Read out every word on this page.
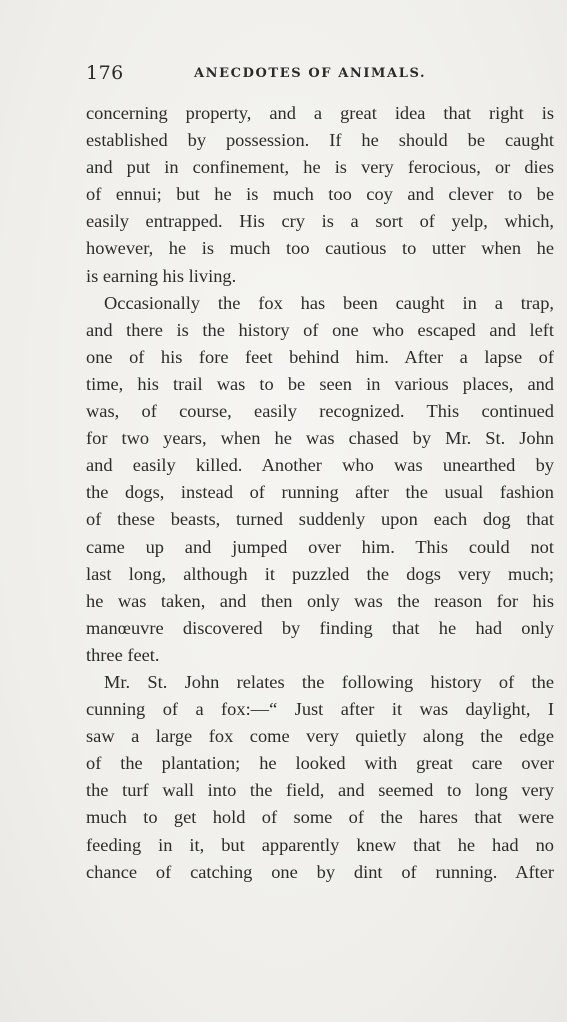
176	ANECDOTES OF ANIMALS.

concerning property, and a great idea that right is
established by possession. If he should be caught
and put in confinement, he is very ferocious, or dies
of ennui; but he is much too coy and clever to be
easily entrapped. His cry is a sort of yelp, which,
however, he is much too cautious to utter when he
is earning his living.

Occasionally the fox has been caught in a trap,
and there is the history of one who escaped and left
one of his fore feet behind him. After a lapse of
time, his trail was to be seen in various places, and
was, of course, easily recognized. This continued
for two years, when he was chased by Mr. St. John
and easily killed. Another who was unearthed by
the dogs, instead of running after the usual fashion
of these beasts, turned suddenly upon each dog that
came up and jumped over him. This could not
last long, although it puzzled the dogs very much;
he was taken, and then only was the reason for his
manœuvre discovered by finding that he had only
three feet.

Mr. St. John relates the following history of the
cunning of a fox:—“ Just after it was daylight, I
saw a large fox come very quietly along the edge
of the plantation; he looked with great care over
the turf wall into the field, and seemed to long very
much to get hold of some of the hares that were
feeding in it, but apparently knew that he had no
chance of catching one by dint of running. After
